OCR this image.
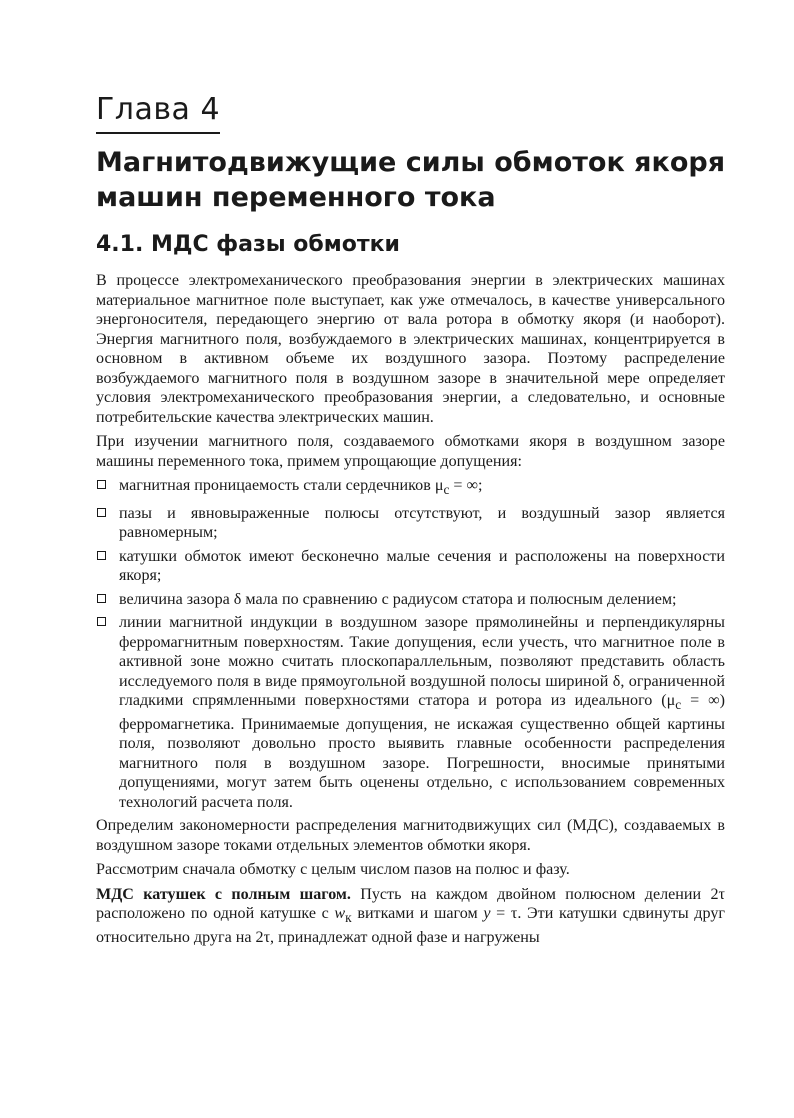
Глава 4
Магнитодвижущие силы обмоток якоря
машин переменного тока
4.1. МДС фазы обмотки

В процессе электромеханического преобразования энергии в электрических машинах материальное магнитное поле выступает, как уже отмечалось, в качестве универсального энергоносителя, передающего энергию от вала ротора в обмотку якоря (и наоборот). Энергия магнитного поля, возбуждаемого в электрических машинах, концентрируется в основном в активном объеме их воздушного зазора. Поэтому распределение возбуждаемого магнитного поля в воздушном зазоре в значительной мере определяет условия электромеханического преобразования энергии, а следовательно, и основные потребительские качества электрических машин.

При изучении магнитного поля, создаваемого обмотками якоря в воздушном зазоре машины переменного тока, примем упрощающие допущения:

магнитная проницаемость стали сердечников $\mu_с$ = ∞;
пазы и явновыраженные полюсы отсутствуют, и воздушный зазор является равномерным;
катушки обмоток имеют бесконечно малые сечения и расположены на поверхности якоря;
величина зазора δ мала по сравнению с радиусом статора и полюсным делением;
линии магнитной индукции в воздушном зазоре прямолинейны и перпендикулярны ферромагнитным поверхностям. Такие допущения, если учесть, что магнитное поле в активной зоне можно считать плоскопараллельным, позволяют представить область исследуемого поля в виде прямоугольной воздушной полосы шириной δ, ограниченной гладкими спрямленными поверхностями статора и ротора из идеального ($\mu_с$ = ∞) ферромагнетика. Принимаемые допущения, не искажая существенно общей картины поля, позволяют довольно просто выявить главные особенности распределения магнитного поля в воздушном зазоре. Погрешности, вносимые принятыми допущениями, могут затем быть оценены отдельно, с использованием современных технологий расчета поля.

Определим закономерности распределения магнитодвижущих сил (МДС), создаваемых в воздушном зазоре токами отдельных элементов обмотки якоря.

Рассмотрим сначала обмотку с целым числом пазов на полюс и фазу.

МДС катушек с полным шагом. Пусть на каждом двойном полюсном делении 2τ расположено по одной катушке с $w_к$ витками и шагом y = τ. Эти катушки сдвинуты друг относительно друга на 2τ, принадлежат одной фазе и нагружены
